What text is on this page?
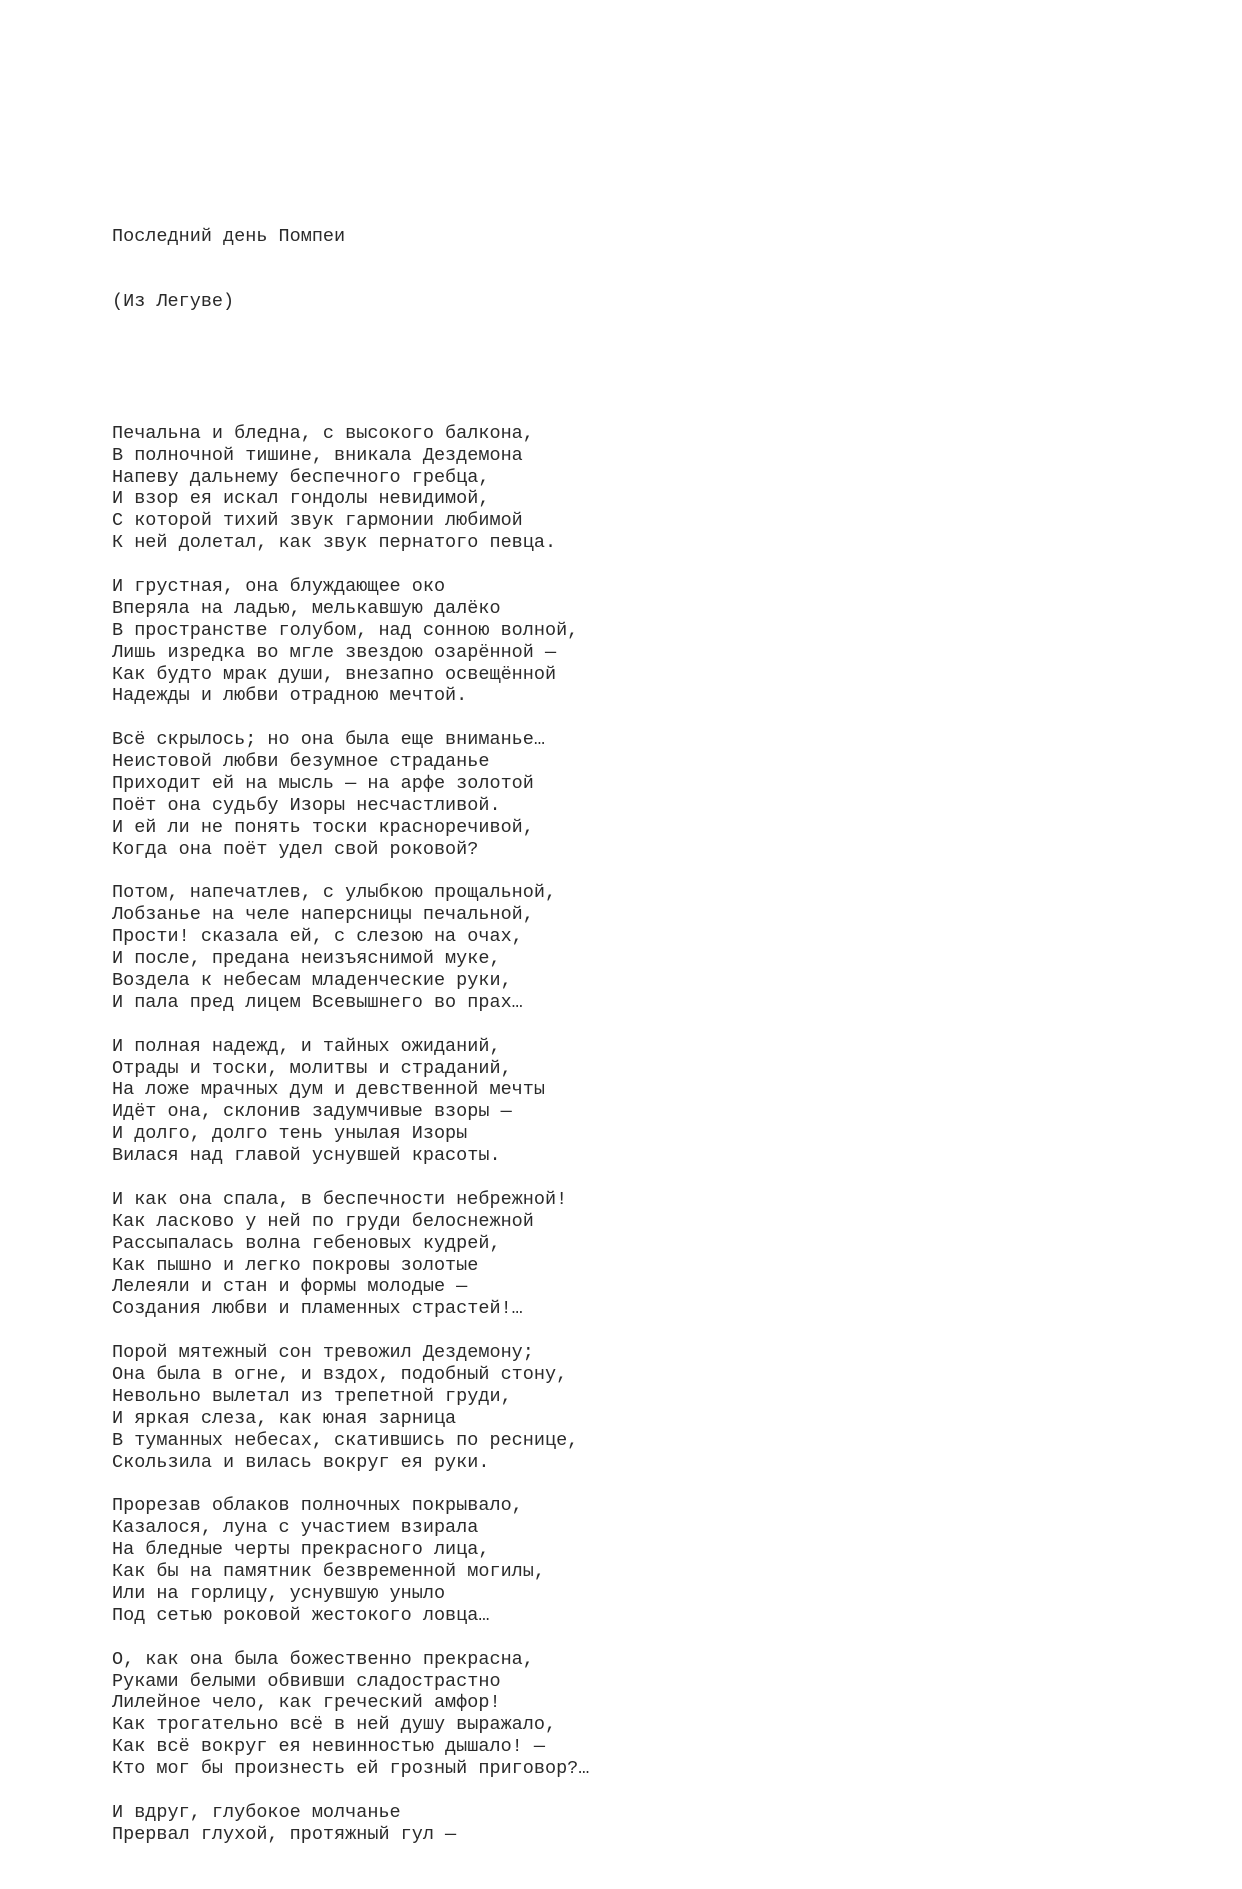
Последний день Помпеи

(Из Легуве)

Печальна и бледна, с высокого балкона,
В полночной тишине, вникала Дездемона
Напеву дальнему беспечного гребца,
И взор ея искал гондолы невидимой,
С которой тихий звук гармонии любимой
К ней долетал, как звук пернатого певца.
И грустная, она блуждающее око
Вперяла на ладью, мелькавшую далёко
В пространстве голубом, над сонною волной,
Лишь изредка во мгле звездою озарённой —
Как будто мрак души, внезапно освещённой
Надежды и любви отрадною мечтой.
Всё скрылось; но она была еще вниманье…
Неистовой любви безумное страданье
Приходит ей на мысль — на арфе золотой
Поёт она судьбу Изоры несчастливой.
И ей ли не понять тоски красноречивой,
Когда она поёт удел свой роковой?
Потом, напечатлев, с улыбкою прощальной,
Лобзанье на челе наперсницы печальной,
Прости! сказала ей, с слезою на очах,
И после, предана неизъяснимой муке,
Воздела к небесам младенческие руки,
И пала пред лицем Всевышнего во прах…
И полная надежд, и тайных ожиданий,
Отрады и тоски, молитвы и страданий,
На ложе мрачных дум и девственной мечты
Идёт она, склонив задумчивые взоры —
И долго, долго тень унылая Изоры
Вилася над главой уснувшей красоты.
И как она спала, в беспечности небрежной!
Как ласково у ней по груди белоснежной
Рассыпалась волна гебеновых кудрей,
Как пышно и легко покровы золотые
Лелеяли и стан и формы молодые —
Создания любви и пламенных страстей!…
Порой мятежный сон тревожил Дездемону;
Она была в огне, и вздох, подобный стону,
Невольно вылетал из трепетной груди,
И яркая слеза, как юная зарница
В туманных небесах, скатившись по реснице,
Скользила и вилась вокруг ея руки.
Прорезав облаков полночных покрывало,
Казалося, луна с участием взирала
На бледные черты прекрасного лица,
Как бы на памятник безвременной могилы,
Или на горлицу, уснувшую уныло
Под сетью роковой жестокого ловца…
О, как она была божественно прекрасна,
Руками белыми обвивши сладострастно
Лилейное чело, как греческий амфор!
Как трогательно всё в ней душу выражало,
Как всё вокруг ея невинностью дышало! —
Кто мог бы произнесть ей грозный приговор?…
И вдруг, глубокое молчанье
Прервал глухой, протяжный гул —
